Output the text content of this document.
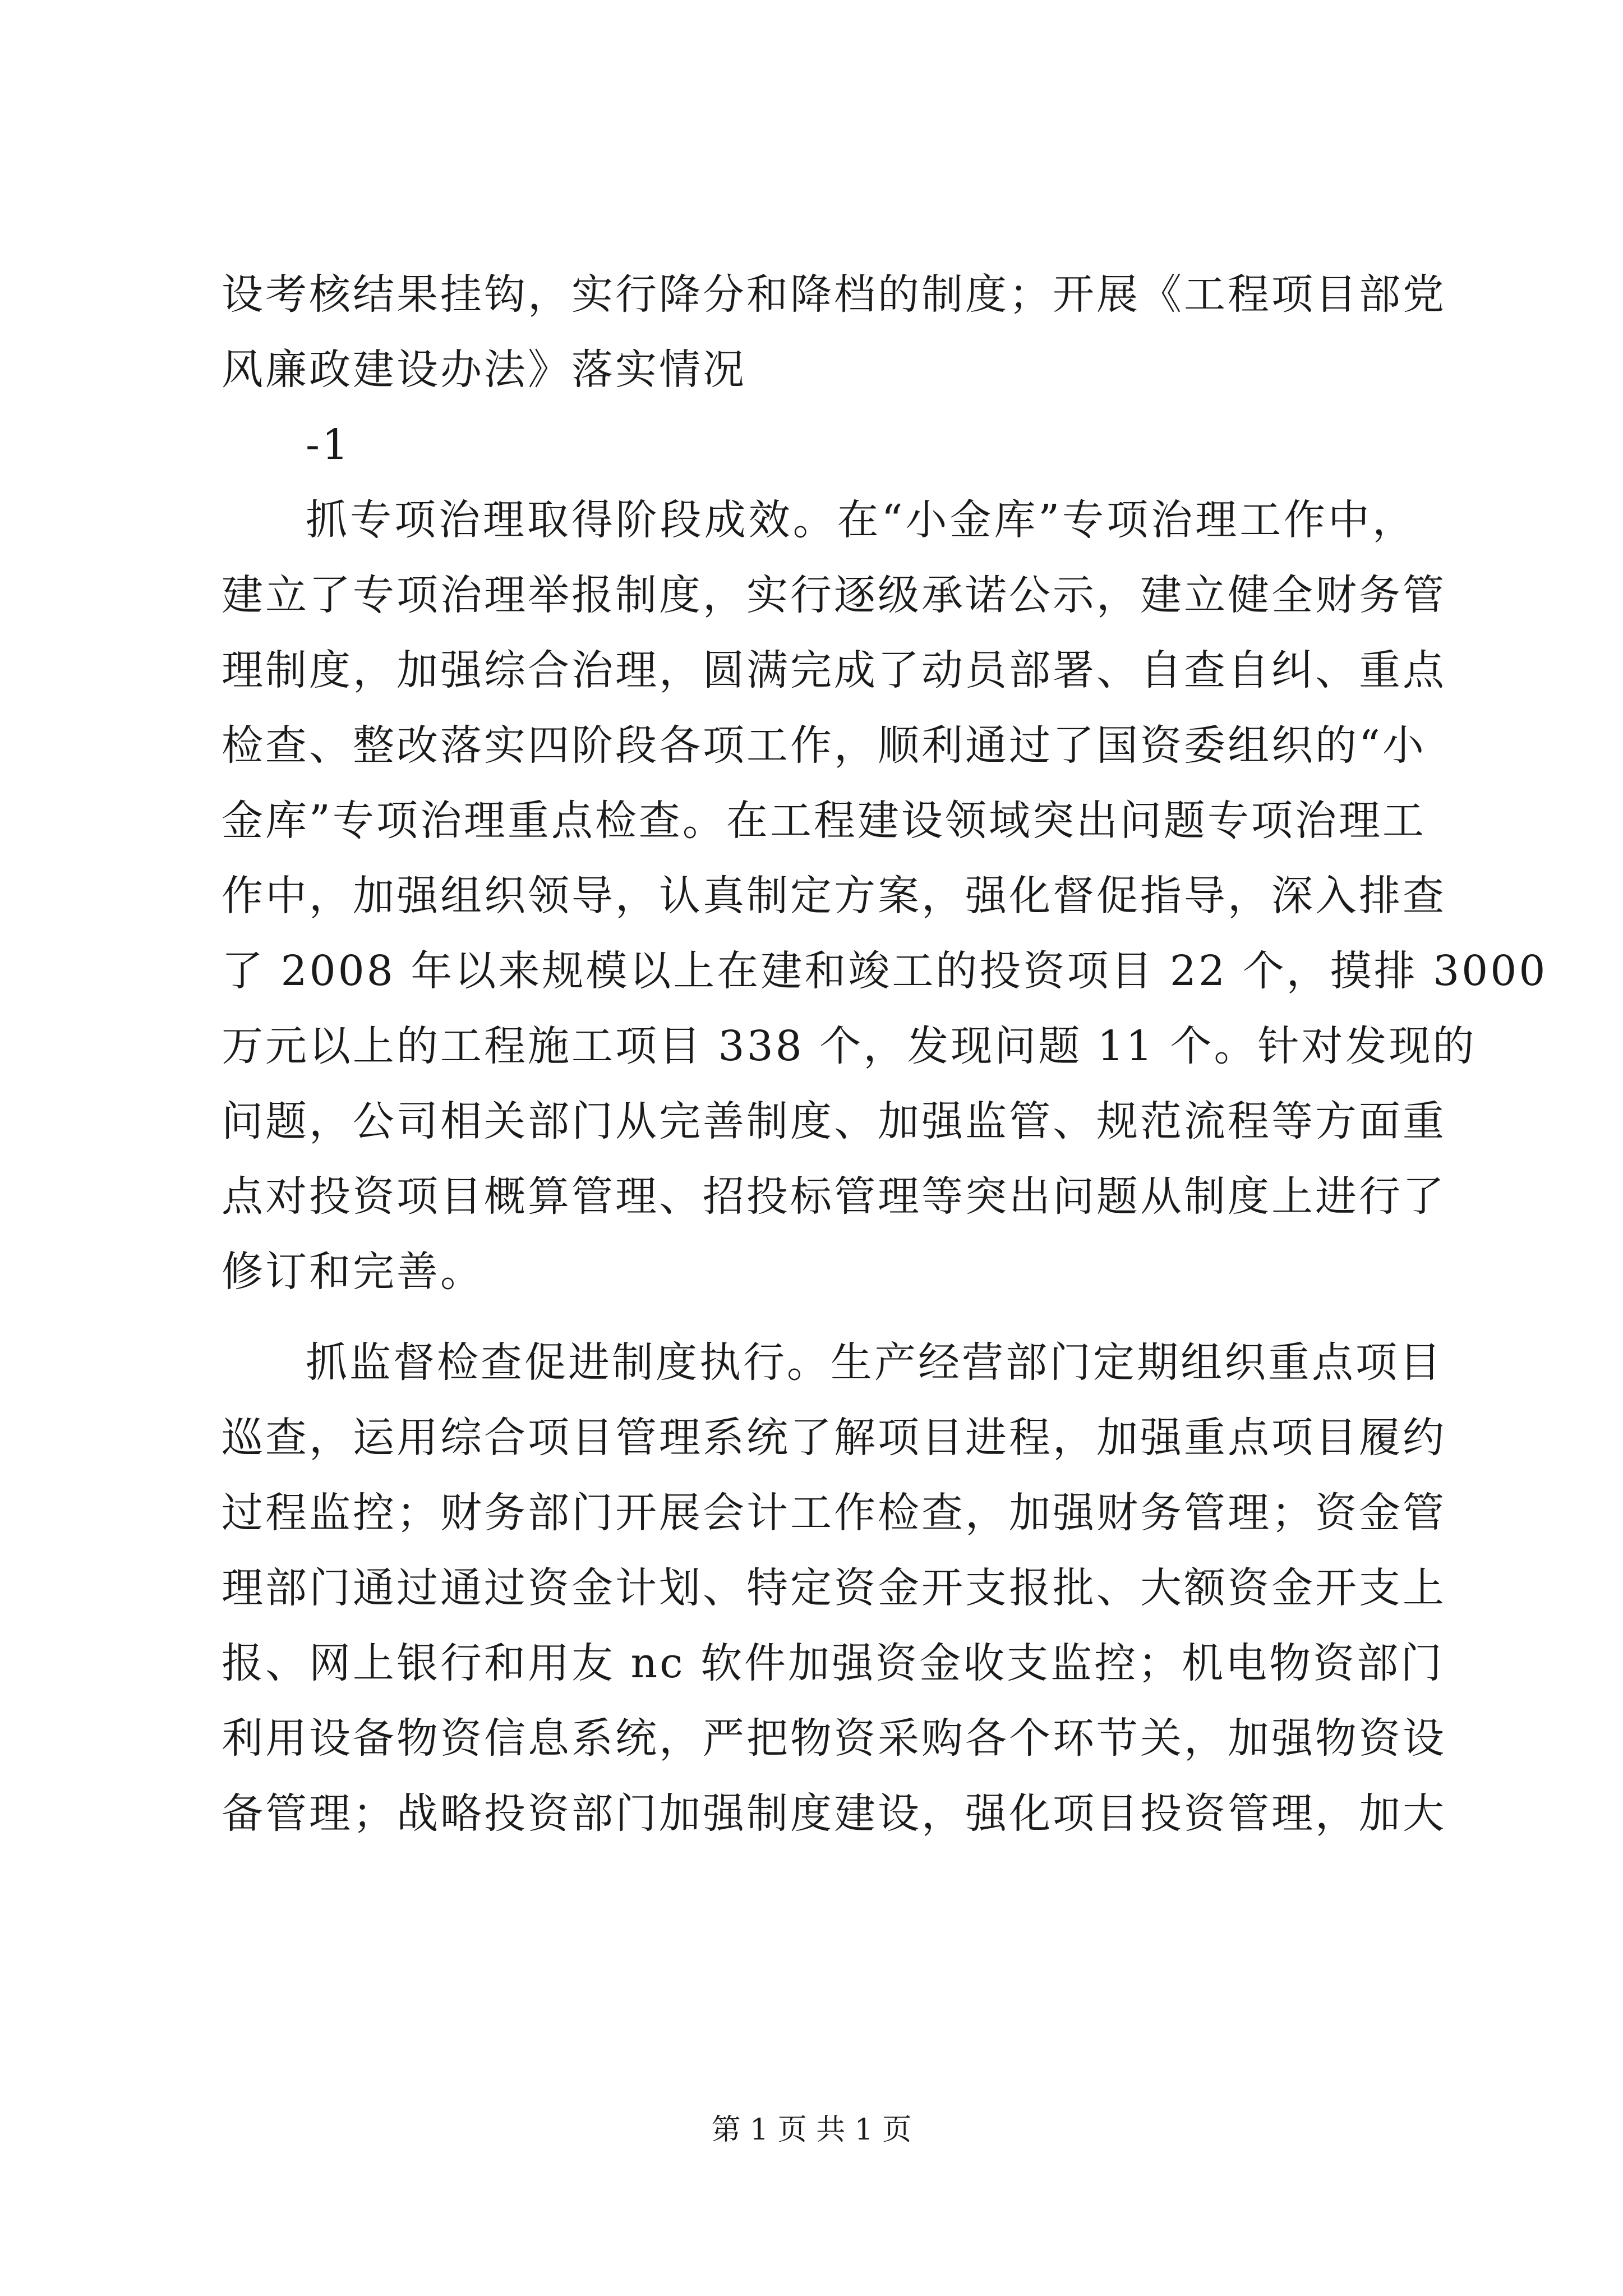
设考核结果挂钩，实行降分和降档的制度；开展《工程项目部党
风廉政建设办法》落实情况
-1
抓专项治理取得阶段成效。在“小金库”专项治理工作中，
建立了专项治理举报制度，实行逐级承诺公示，建立健全财务管
理制度，加强综合治理，圆满完成了动员部署、自查自纠、重点
检查、整改落实四阶段各项工作，顺利通过了国资委组织的“小
金库”专项治理重点检查。在工程建设领域突出问题专项治理工
作中，加强组织领导，认真制定方案，强化督促指导，深入排查
了 2008 年以来规模以上在建和竣工的投资项目 22 个，摸排 3000
万元以上的工程施工项目 338 个，发现问题 11 个。针对发现的
问题，公司相关部门从完善制度、加强监管、规范流程等方面重
点对投资项目概算管理、招投标管理等突出问题从制度上进行了
修订和完善。
抓监督检查促进制度执行。生产经营部门定期组织重点项目
巡查，运用综合项目管理系统了解项目进程，加强重点项目履约
过程监控；财务部门开展会计工作检查，加强财务管理；资金管
理部门通过通过资金计划、特定资金开支报批、大额资金开支上
报、网上银行和用友 nc 软件加强资金收支监控；机电物资部门
利用设备物资信息系统，严把物资采购各个环节关，加强物资设
备管理；战略投资部门加强制度建设，强化项目投资管理，加大
第 1 页 共 1 页
